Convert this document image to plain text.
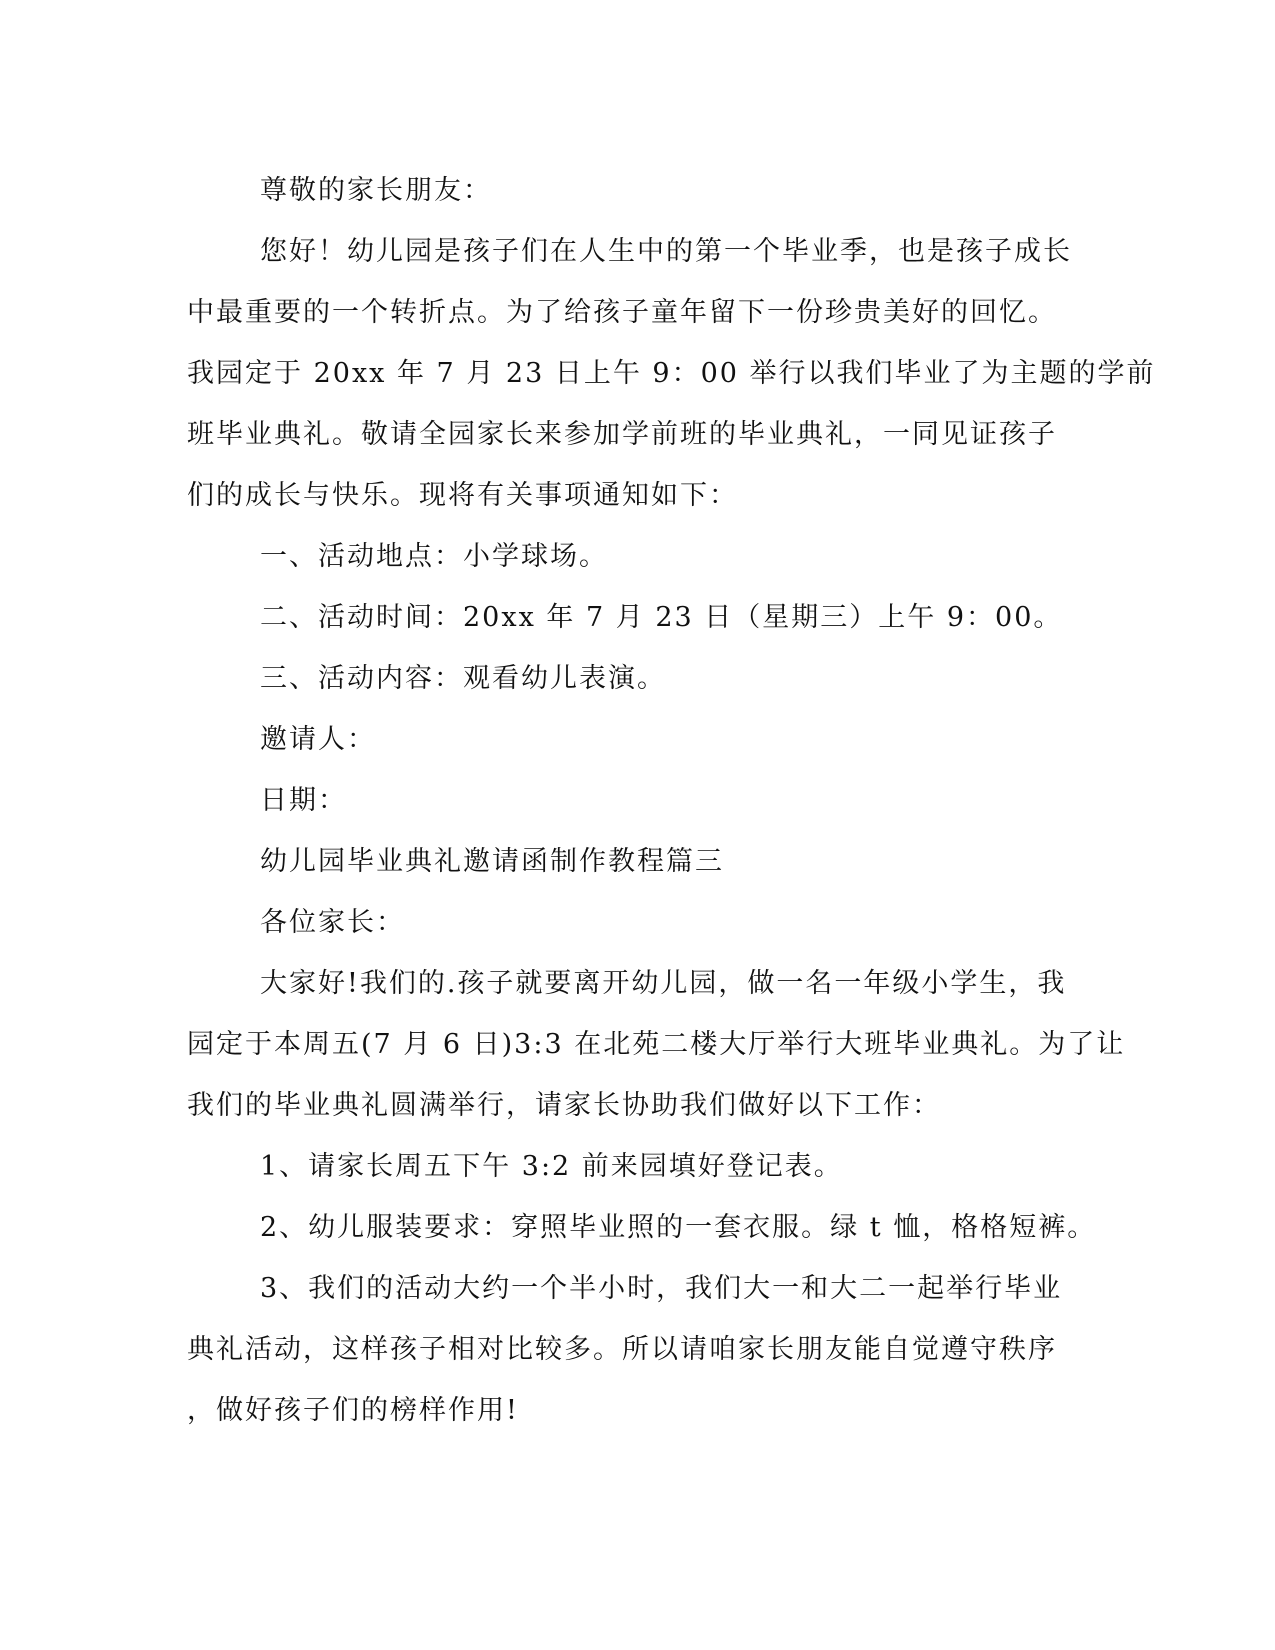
尊敬的家长朋友：
您好！幼儿园是孩子们在人生中的第一个毕业季，也是孩子成长
中最重要的一个转折点。为了给孩子童年留下一份珍贵美好的回忆。
我园定于 20xx 年 7 月 23 日上午 9：00 举行以我们毕业了为主题的学前
班毕业典礼。敬请全园家长来参加学前班的毕业典礼，一同见证孩子
们的成长与快乐。现将有关事项通知如下：
一、活动地点：小学球场。
二、活动时间：20xx 年 7 月 23 日（星期三）上午 9：00。
三、活动内容：观看幼儿表演。
邀请人：
日期：
幼儿园毕业典礼邀请函制作教程篇三
各位家长：
大家好!我们的.孩子就要离开幼儿园，做一名一年级小学生，我
园定于本周五(7 月 6 日)3:3 在北苑二楼大厅举行大班毕业典礼。为了让
我们的毕业典礼圆满举行，请家长协助我们做好以下工作：
1、请家长周五下午 3:2 前来园填好登记表。
2、幼儿服装要求：穿照毕业照的一套衣服。绿 t 恤，格格短裤。
3、我们的活动大约一个半小时，我们大一和大二一起举行毕业
典礼活动，这样孩子相对比较多。所以请咱家长朋友能自觉遵守秩序
，做好孩子们的榜样作用!
